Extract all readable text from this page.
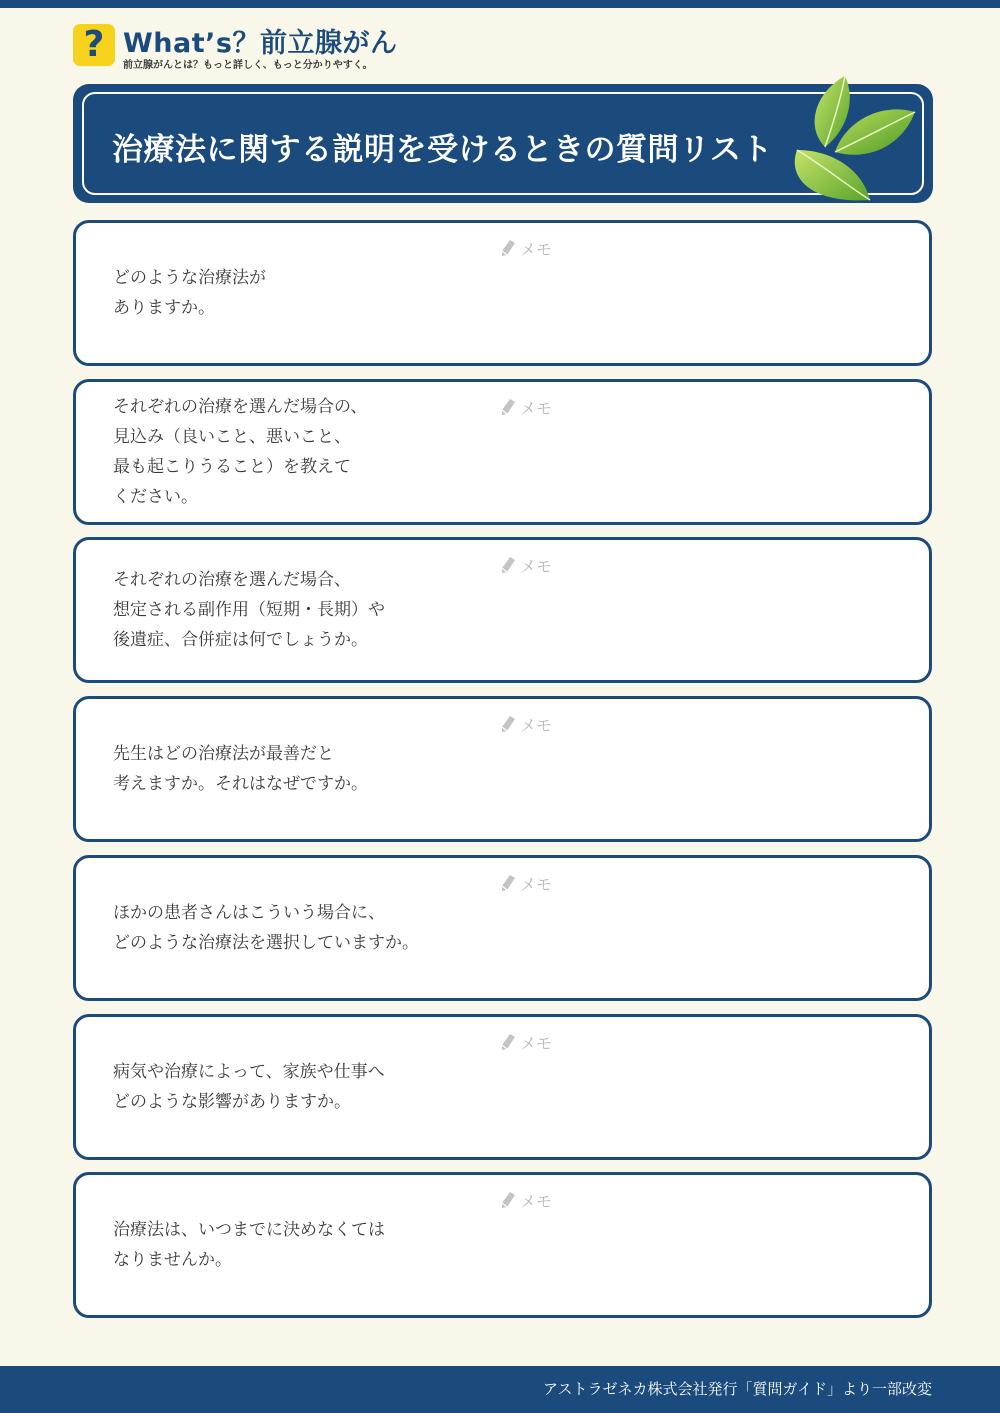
? What’s？前立腺がん
前立腺がんとは？もっと詳しく、もっと分かりやすく。
治療法に関する説明を受けるときの質問リスト
どのような治療法が
ありますか。
メモ
それぞれの治療を選んだ場合の、
見込み（良いこと、悪いこと、
最も起こりうること）を教えて
ください。
メモ
それぞれの治療を選んだ場合、
想定される副作用（短期・長期）や
後遺症、合併症は何でしょうか。
メモ
先生はどの治療法が最善だと
考えますか。それはなぜですか。
メモ
ほかの患者さんはこういう場合に、
どのような治療法を選択していますか。
メモ
病気や治療によって、家族や仕事へ
どのような影響がありますか。
メモ
治療法は、いつまでに決めなくては
なりませんか。
メモ
アストラゼネカ株式会社発行「質問ガイド」より一部改変
